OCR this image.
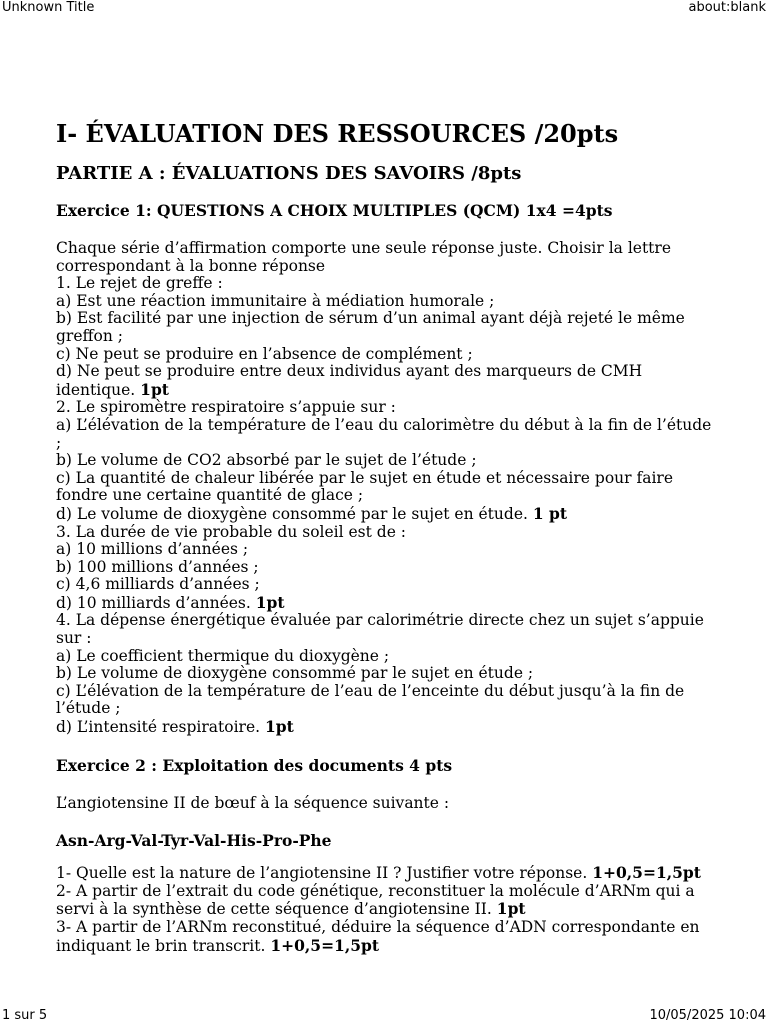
Unknown Title	about:blank
I- ÉVALUATION DES RESSOURCES /20pts
PARTIE A : ÉVALUATIONS DES SAVOIRS /8pts
Exercice 1: QUESTIONS A CHOIX MULTIPLES (QCM) 1x4 =4pts
Chaque série d’affirmation comporte une seule réponse juste. Choisir la lettre
correspondant à la bonne réponse
1. Le rejet de greffe :
a) Est une réaction immunitaire à médiation humorale ;
b) Est facilité par une injection de sérum d’un animal ayant déjà rejeté le même
greffon ;
c) Ne peut se produire en l’absence de complément ;
d) Ne peut se produire entre deux individus ayant des marqueurs de CMH
identique. 1pt
2. Le spiromètre respiratoire s’appuie sur :
a) L’élévation de la température de l’eau du calorimètre du début à la fin de l’étude
;
b) Le volume de CO2 absorbé par le sujet de l’étude ;
c) La quantité de chaleur libérée par le sujet en étude et nécessaire pour faire
fondre une certaine quantité de glace ;
d) Le volume de dioxygène consommé par le sujet en étude. 1 pt
3. La durée de vie probable du soleil est de :
a) 10 millions d’années ;
b) 100 millions d’années ;
c) 4,6 milliards d’années ;
d) 10 milliards d’années. 1pt
4. La dépense énergétique évaluée par calorimétrie directe chez un sujet s’appuie
sur :
a) Le coefficient thermique du dioxygène ;
b) Le volume de dioxygène consommé par le sujet en étude ;
c) L’élévation de la température de l’eau de l’enceinte du début jusqu’à la fin de
l’étude ;
d) L’intensité respiratoire. 1pt
Exercice 2 : Exploitation des documents 4 pts
L’angiotensine II de bœuf à la séquence suivante :
Asn-Arg-Val-Tyr-Val-His-Pro-Phe
1- Quelle est la nature de l’angiotensine II ? Justifier votre réponse. 1+0,5=1,5pt
2- A partir de l’extrait du code génétique, reconstituer la molécule d’ARNm qui a
servi à la synthèse de cette séquence d’angiotensine II. 1pt
3- A partir de l’ARNm reconstitué, déduire la séquence d’ADN correspondante en
indiquant le brin transcrit. 1+0,5=1,5pt
1 sur 5	10/05/2025 10:04
